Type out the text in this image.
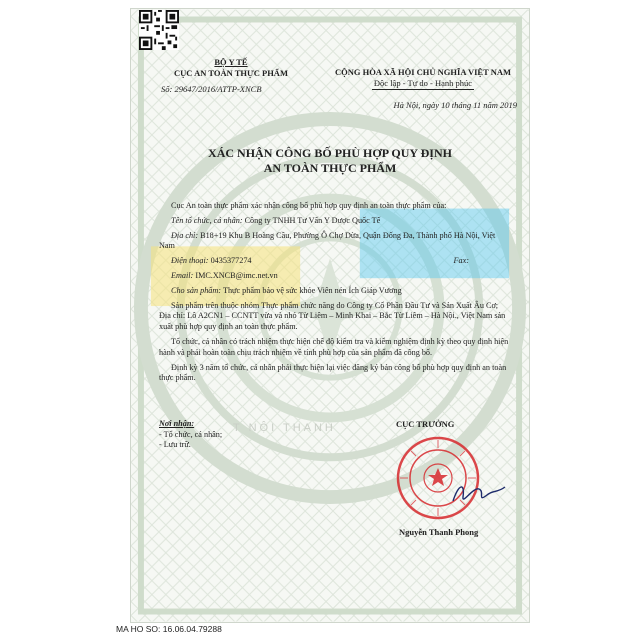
BỘ Y TẾ
CỤC AN TOÀN THỰC PHẨM
Số: 29647/2016/ATTP-XNCB
CỘNG HÒA XÃ HỘI CHỦ NGHĨA VIỆT NAM
Độc lập - Tự do - Hạnh phúc
Hà Nội, ngày 10 tháng 11 năm 2019
XÁC NHẬN CÔNG BỐ PHÙ HỢP QUY ĐỊNH
AN TOÀN THỰC PHẨM

Cục An toàn thực phẩm xác nhận công bố phù hợp quy định an toàn thực phẩm của:

Tên tổ chức, cá nhân: Công ty TNHH Tư Vấn Y Dược Quốc Tế

Địa chỉ: B18+19 Khu B Hoàng Cầu, Phường Ô Chợ Dừa, Quận Đống Đa, Thành phố Hà Nội, Việt Nam

Điện thoại: 0435377274	Fax:

Email: IMC.XNCB@imc.net.vn

Cho sản phẩm: Thực phẩm bảo vệ sức khỏe Viên nén Ích Giáp Vương

Sản phẩm trên thuộc nhóm Thực phẩm chức năng do Công ty Cổ Phần Đầu Tư và Sản Xuất Âu Cơ; Địa chỉ: Lô A2CN1 – CCNTT vừa và nhỏ Từ Liêm – Minh Khai – Bắc Từ Liêm – Hà Nội., Việt Nam sản xuất phù hợp quy định an toàn thực phẩm.

Tổ chức, cá nhân có trách nhiệm thực hiện chế độ kiểm tra và kiểm nghiệm định kỳ theo quy định hiện hành và phải hoàn toàn chịu trách nhiệm về tính phù hợp của sản phẩm đã công bố.

Định kỳ 3 năm tổ chức, cá nhân phải thực hiện lại việc đăng ký bản công bố phù hợp quy định an toàn thực phẩm.

T NỘI THANH
Nơi nhận:
- Tổ chức, cá nhân;
- Lưu trữ.
CỤC TRƯỞNG
Nguyễn Thanh Phong
MA HO SO: 16.06.04.79288
